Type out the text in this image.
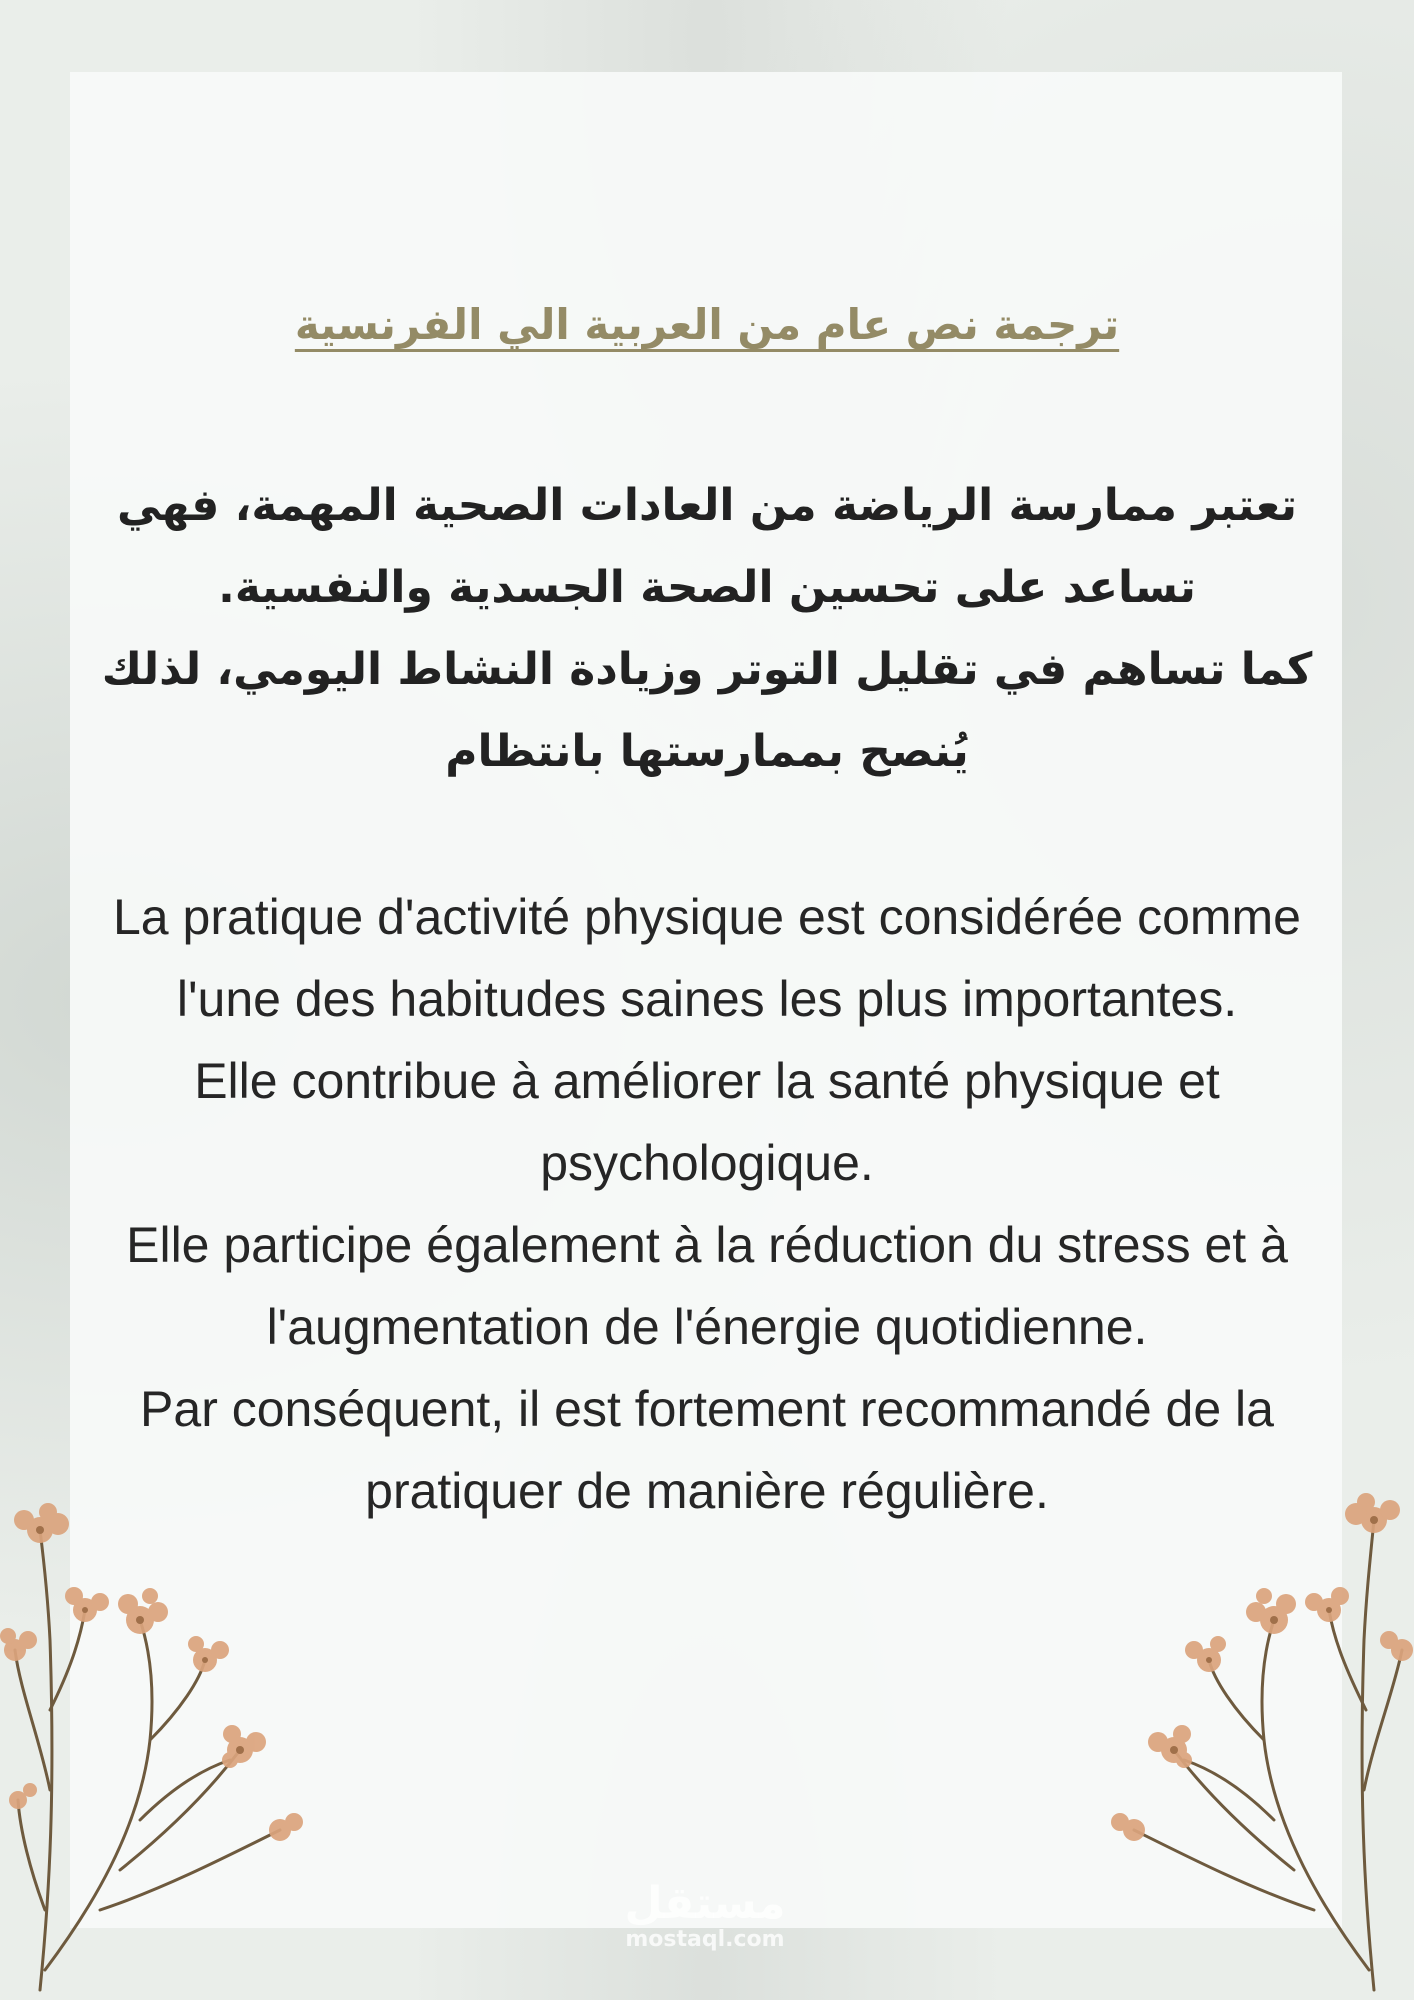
ترجمة نص عام من العربية الي الفرنسية

تعتبر ممارسة الرياضة من العادات الصحية المهمة، فهي تساعد على تحسين الصحة الجسدية والنفسية.

كما تساهم في تقليل التوتر وزيادة النشاط اليومي، لذلك يُنصح بممارستها بانتظام

La pratique d'activité physique est considérée comme l'une des habitudes saines les plus importantes.

Elle contribue à améliorer la santé physique et psychologique.

Elle participe également à la réduction du stress et à l'augmentation de l'énergie quotidienne.

Par conséquent, il est fortement recommandé de la pratiquer de manière régulière.

مستقل
mostaql.com
